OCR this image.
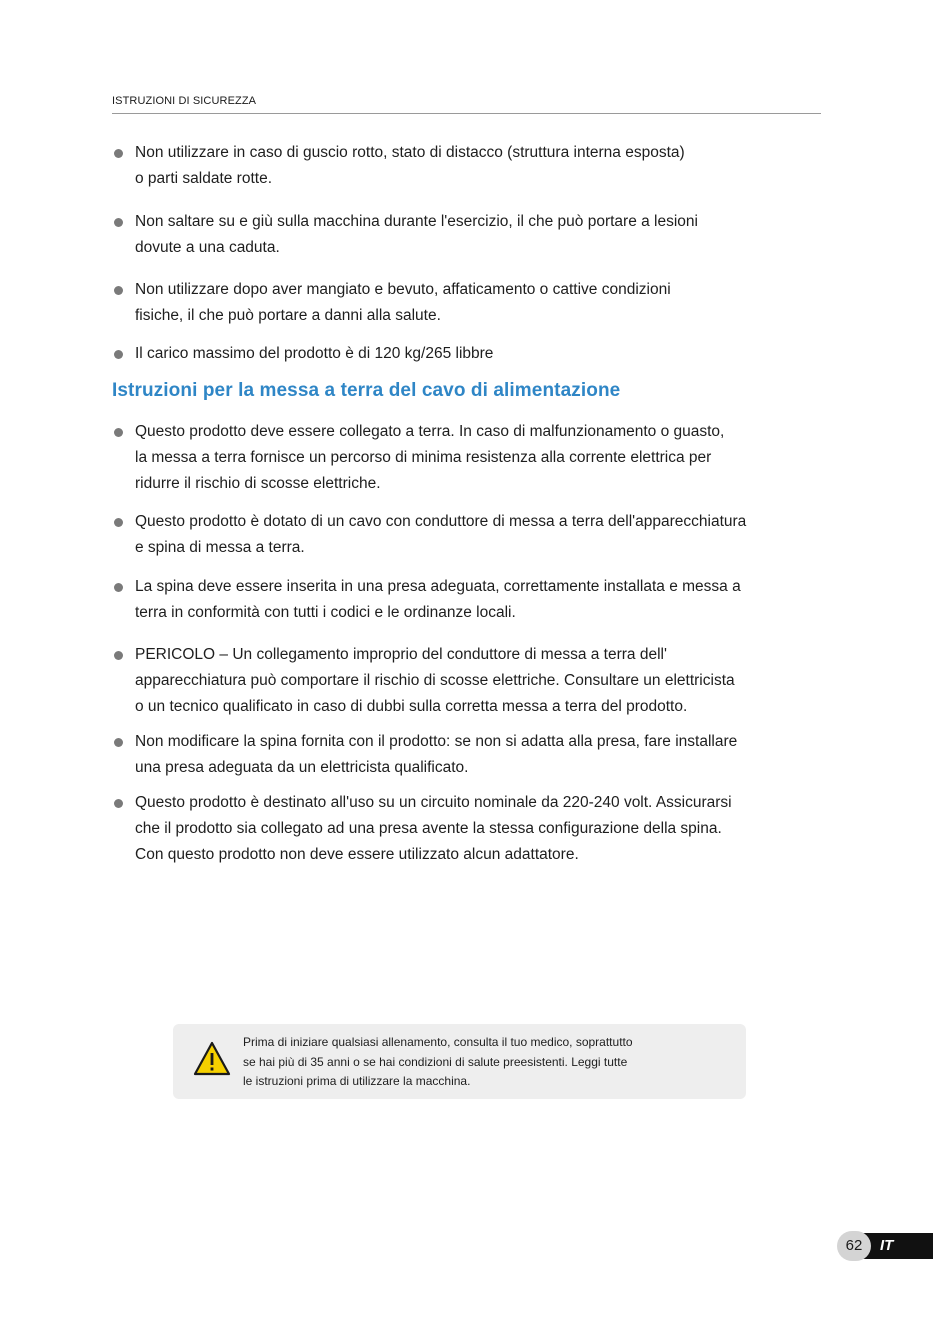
ISTRUZIONI DI SICUREZZA
Non utilizzare in caso di guscio rotto, stato di distacco (struttura interna esposta)
o parti saldate rotte.
Non saltare su e giù sulla macchina durante l'esercizio, il che può portare a lesioni
dovute a una caduta.
Non utilizzare dopo aver mangiato e bevuto, affaticamento o cattive condizioni
fisiche, il che può portare a danni alla salute.
Il carico massimo del prodotto è di 120 kg/265 libbre
Istruzioni per la messa a terra del cavo di alimentazione
Questo prodotto deve essere collegato a terra. In caso di malfunzionamento o guasto,
la messa a terra fornisce un percorso di minima resistenza alla corrente elettrica per
ridurre il rischio di scosse elettriche.
Questo prodotto è dotato di un cavo con conduttore di messa a terra dell'apparecchiatura
e spina di messa a terra.
La spina deve essere inserita in una presa adeguata, correttamente installata e messa a
terra in conformità con tutti i codici e le ordinanze locali.
PERICOLO – Un collegamento improprio del conduttore di messa a terra dell'
apparecchiatura può comportare il rischio di scosse elettriche. Consultare un elettricista
o un tecnico qualificato in caso di dubbi sulla corretta messa a terra del prodotto.
Non modificare la spina fornita con il prodotto: se non si adatta alla presa, fare installare
una presa adeguata da un elettricista qualificato.
Questo prodotto è destinato all'uso su un circuito nominale da 220-240 volt. Assicurarsi
che il prodotto sia collegato ad una presa avente la stessa configurazione della spina.
Con questo prodotto non deve essere utilizzato alcun adattatore.
Prima di iniziare qualsiasi allenamento, consulta il tuo medico, soprattutto
se hai più di 35 anni o se hai condizioni di salute preesistenti. Leggi tutte
le istruzioni prima di utilizzare la macchina.
IT
62
